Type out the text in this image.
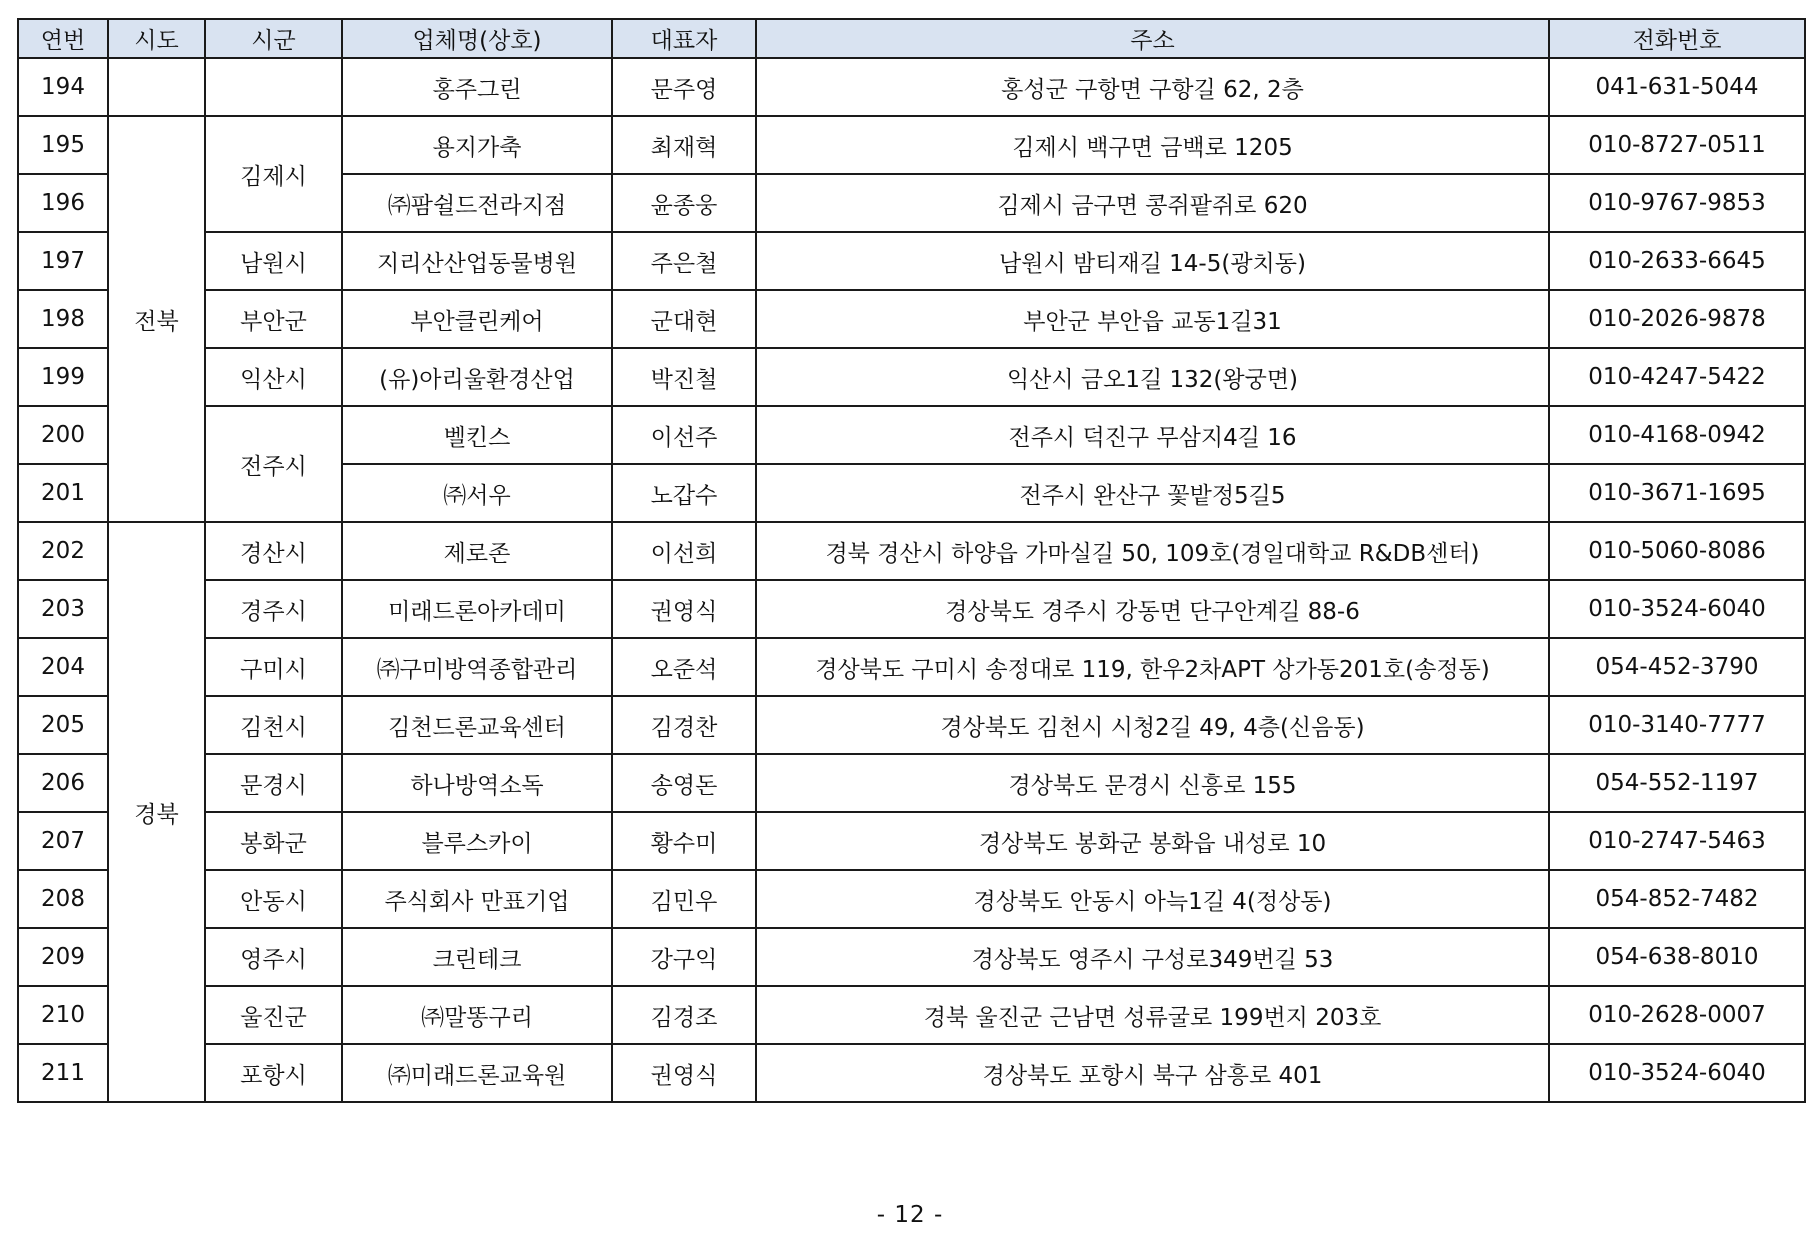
연번	시도	시군	업체명(상호)	대표자	주소	전화번호
194			홍주그린	문주영	홍성군 구항면 구항길 62, 2층	041-631-5044
195	전북	김제시	용지가축	최재혁	김제시 백구면 금백로 1205	010-8727-0511
196			㈜팜쉴드전라지점	윤종웅	김제시 금구면 콩쥐팥쥐로 620	010-9767-9853
197		남원시	지리산산업동물병원	주은철	남원시 밤티재길 14-5(광치동)	010-2633-6645
198		부안군	부안클린케어	군대현	부안군 부안읍 교동1길31	010-2026-9878
199		익산시	(유)아리울환경산업	박진철	익산시 금오1길 132(왕궁면)	010-4247-5422
200		전주시	벨킨스	이선주	전주시 덕진구 무삼지4길 16	010-4168-0942
201			㈜서우	노갑수	전주시 완산구 꽃밭정5길5	010-3671-1695
202	경북	경산시	제로존	이선희	경북 경산시 하양읍 가마실길 50, 109호(경일대학교 R&DB센터)	010-5060-8086
203		경주시	미래드론아카데미	권영식	경상북도 경주시 강동면 단구안계길 88-6	010-3524-6040
204		구미시	㈜구미방역종합관리	오준석	경상북도 구미시 송정대로 119, 한우2차APT 상가동201호(송정동)	054-452-3790
205		김천시	김천드론교육센터	김경찬	경상북도 김천시 시청2길 49, 4층(신음동)	010-3140-7777
206		문경시	하나방역소독	송영돈	경상북도 문경시 신흥로 155	054-552-1197
207		봉화군	블루스카이	황수미	경상북도 봉화군 봉화읍 내성로 10	010-2747-5463
208		안동시	주식회사 만표기업	김민우	경상북도 안동시 아늑1길 4(정상동)	054-852-7482
209		영주시	크린테크	강구익	경상북도 영주시 구성로349번길 53	054-638-8010
210		울진군	㈜말똥구리	김경조	경북 울진군 근남면 성류굴로 199번지 203호	010-2628-0007
211		포항시	㈜미래드론교육원	권영식	경상북도 포항시 북구 삼흥로 401	010-3524-6040
- 12 -
